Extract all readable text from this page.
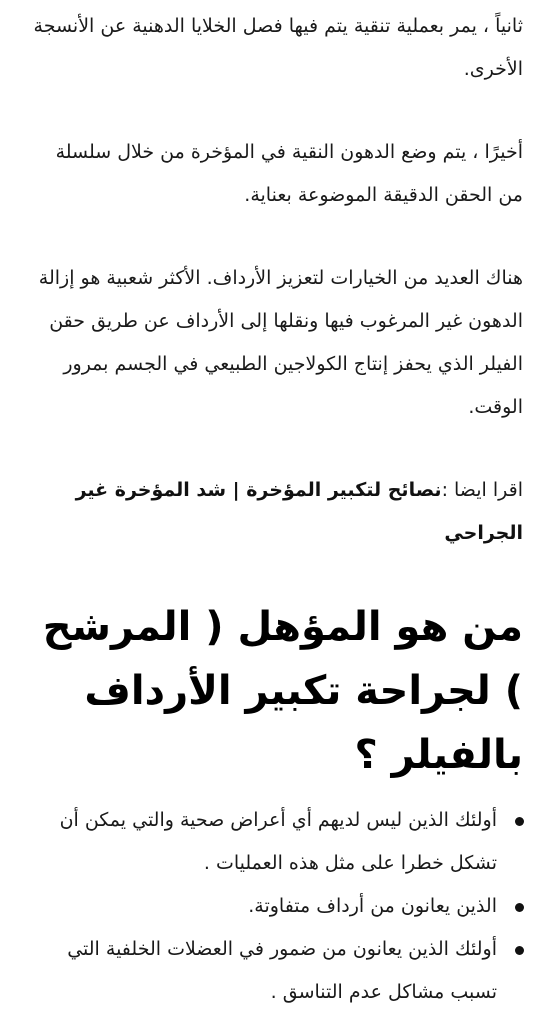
ثانياً ، يمر بعملية تنقية يتم فيها فصل الخلايا الدهنية عن الأنسجة الأخرى.

أخيرًا ، يتم وضع الدهون النقية في المؤخرة من خلال سلسلة من الحقن الدقيقة الموضوعة بعناية.

هناك العديد من الخيارات لتعزيز الأرداف. الأكثر شعبية هو إزالة الدهون غير المرغوب فيها ونقلها إلى الأرداف عن طريق حقن الفيلر الذي يحفز إنتاج الكولاجين الطبيعي في الجسم بمرور الوقت.

اقرا ايضا :نصائح لتكبير المؤخرة | شد المؤخرة غير الجراحي

من هو المؤهل ( المرشح ) لجراحة تكبير الأرداف بالفيلر ؟
أولئك الذين ليس لديهم أي أعراض صحية والتي يمكن أن تشكل خطرا على مثل هذه العمليات .
الذين يعانون من أرداف متفاوتة.
أولئك الذين يعانون من ضمور في العضلات الخلفية التي تسبب مشاكل عدم التناسق .
